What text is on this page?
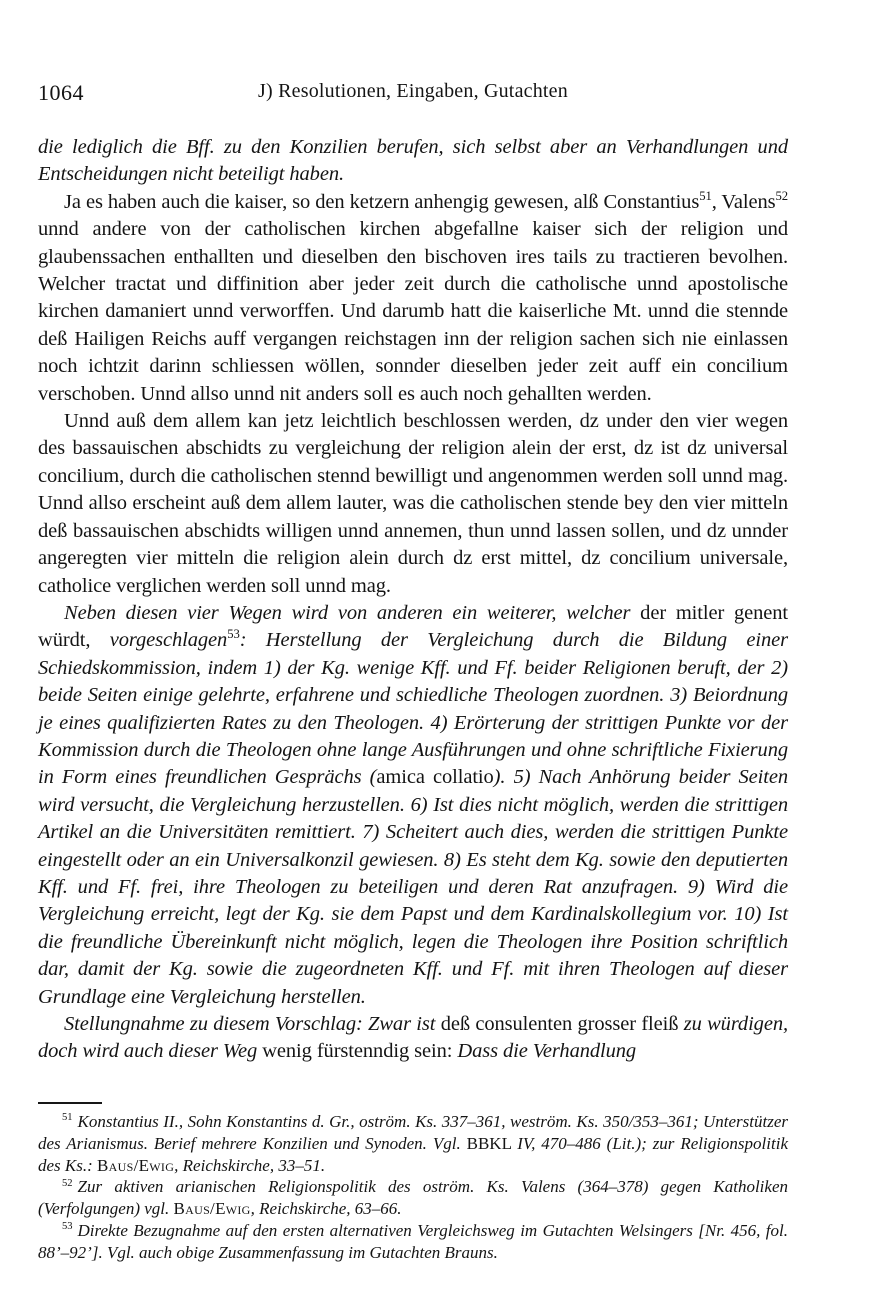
1064	J) Resolutionen, Eingaben, Gutachten

die lediglich die Bff. zu den Konzilien berufen, sich selbst aber an Verhandlungen und Entscheidungen nicht beteiligt haben.

Ja es haben auch die kaiser, so den ketzern anhengig gewesen, alß Constantius$^{51}$, Valens$^{52}$ unnd andere von der catholischen kirchen abgefallne kaiser sich der religion und glaubenssachen enthallten und dieselben den bischoven ires tails zu tractieren bevolhen. Welcher tractat und diffinition aber jeder zeit durch die catholische unnd apostolische kirchen damaniert unnd verworffen. Und darumb hatt die kaiserliche Mt. unnd die stennde deß Hailigen Reichs auff vergangen reichstagen inn der religion sachen sich nie einlassen noch ichtzit darinn schliessen wöllen, sonnder dieselben jeder zeit auff ein concilium verschoben. Unnd allso unnd nit anders soll es auch noch gehallten werden.

Unnd auß dem allem kan jetz leichtlich beschlossen werden, dz under den vier wegen des bassauischen abschidts zu vergleichung der religion alein der erst, dz ist dz universal concilium, durch die catholischen stennd bewilligt und angenommen werden soll unnd mag. Unnd allso erscheint auß dem allem lauter, was die catholischen stende bey den vier mitteln deß bassauischen abschidts willigen unnd annemen, thun unnd lassen sollen, und dz unnder angeregten vier mitteln die religion alein durch dz erst mittel, dz concilium universale, catholice verglichen werden soll unnd mag.

Neben diesen vier Wegen wird von anderen ein weiterer, welcher der mitler genent würdt, vorgeschlagen$^{53}$: Herstellung der Vergleichung durch die Bildung einer Schiedskommission, indem 1) der Kg. wenige Kff. und Ff. beider Religionen beruft, der 2) beide Seiten einige gelehrte, erfahrene und schiedliche Theologen zuordnen. 3) Beiordnung je eines qualifizierten Rates zu den Theologen. 4) Erörterung der strittigen Punkte vor der Kommission durch die Theologen ohne lange Ausführungen und ohne schriftliche Fixierung in Form eines freundlichen Gesprächs (amica collatio). 5) Nach Anhörung beider Seiten wird versucht, die Vergleichung herzustellen. 6) Ist dies nicht möglich, werden die strittigen Artikel an die Universitäten remittiert. 7) Scheitert auch dies, werden die strittigen Punkte eingestellt oder an ein Universalkonzil gewiesen. 8) Es steht dem Kg. sowie den deputierten Kff. und Ff. frei, ihre Theologen zu beteiligen und deren Rat anzufragen. 9) Wird die Vergleichung erreicht, legt der Kg. sie dem Papst und dem Kardinalskollegium vor. 10) Ist die freundliche Übereinkunft nicht möglich, legen die Theologen ihre Position schriftlich dar, damit der Kg. sowie die zugeordneten Kff. und Ff. mit ihren Theologen auf dieser Grundlage eine Vergleichung herstellen.

Stellungnahme zu diesem Vorschlag: Zwar ist deß consulenten grosser fleiß zu würdigen, doch wird auch dieser Weg wenig fürstenndig sein: Dass die Verhandlung

$^{51}$ Konstantius II., Sohn Konstantins d. Gr., oström. Ks. 337–361, weström. Ks. 350/353–361; Unterstützer des Arianismus. Berief mehrere Konzilien und Synoden. Vgl. BBKL IV, 470–486 (Lit.); zur Religionspolitik des Ks.: Baus/Ewig, Reichskirche, 33–51.

$^{52}$ Zur aktiven arianischen Religionspolitik des oström. Ks. Valens (364–378) gegen Katholiken (Verfolgungen) vgl. Baus/Ewig, Reichskirche, 63–66.

$^{53}$ Direkte Bezugnahme auf den ersten alternativen Vergleichsweg im Gutachten Welsingers [Nr. 456, fol. 88’–92’]. Vgl. auch obige Zusammenfassung im Gutachten Brauns.
